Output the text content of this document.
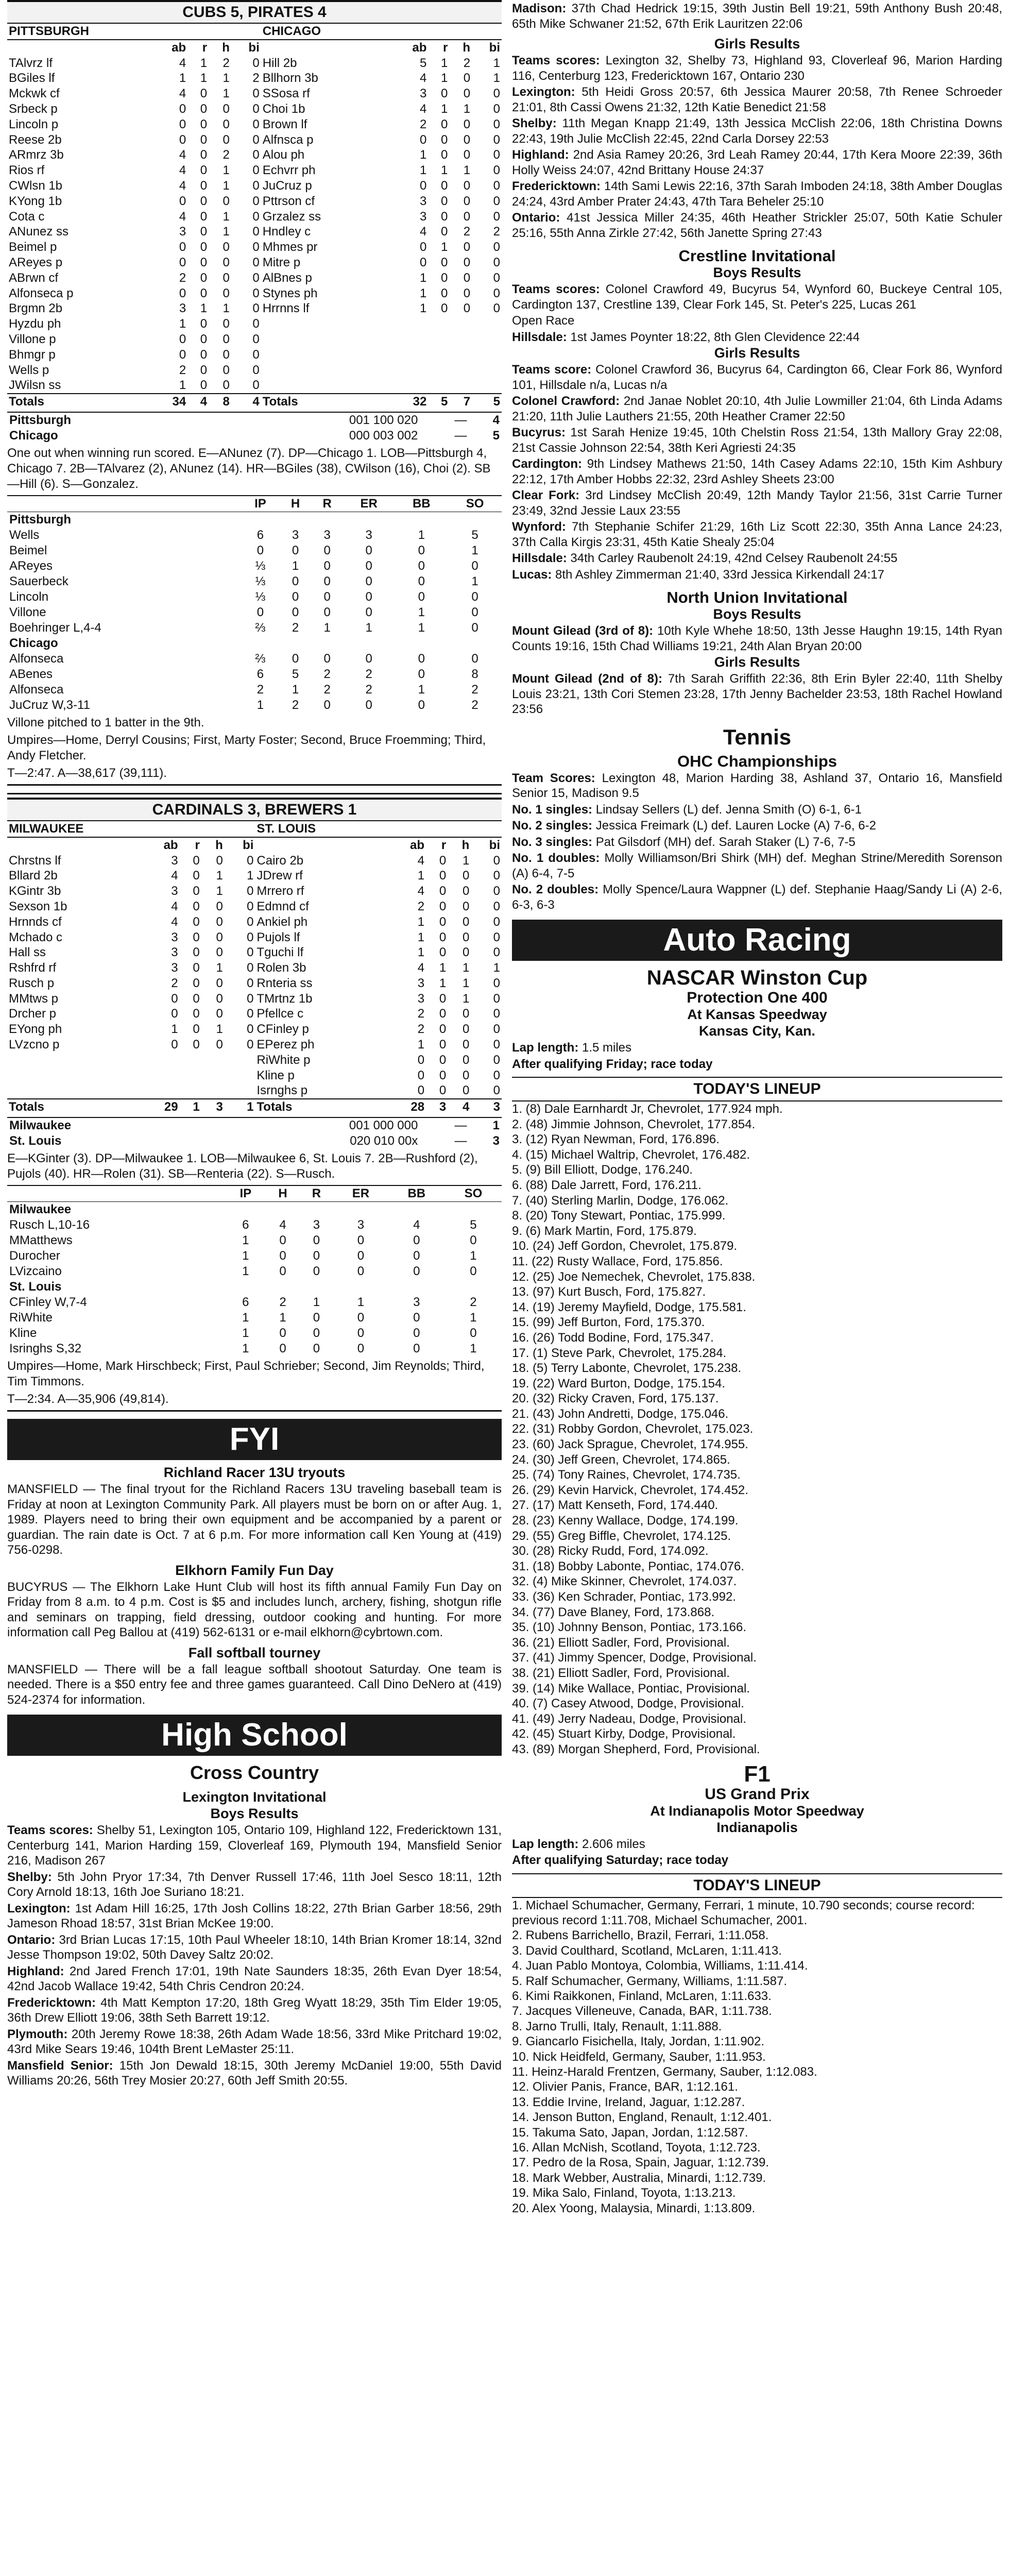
CUBS 5, PIRATES 4
PITTSBURGH					CHICAGO				
	ab	r	h	bi		ab	r	h	bi
TAlvrz lf	4	1	2	0	Hill 2b	5	1	2	1
BGiles lf	1	1	1	2	Bllhorn 3b	4	1	0	1
Mckwk cf	4	0	1	0	SSosa rf	3	0	0	0
Srbeck p	0	0	0	0	Choi 1b	4	1	1	0
Lincoln p	0	0	0	0	Brown lf	2	0	0	0
Reese 2b	0	0	0	0	Alfnsca p	0	0	0	0
ARmrz 3b	4	0	2	0	Alou ph	1	0	0	0
Rios rf	4	0	1	0	Echvrr ph	1	1	1	0
CWlsn 1b	4	0	1	0	JuCruz p	0	0	0	0
KYong 1b	0	0	0	0	Pttrson cf	3	0	0	0
Cota c	4	0	1	0	Grzalez ss	3	0	0	0
ANunez ss	3	0	1	0	Hndley c	4	0	2	2
Beimel p	0	0	0	0	Mhmes pr	0	1	0	0
AReyes p	0	0	0	0	Mitre p	0	0	0	0
ABrwn cf	2	0	0	0	AlBnes p	1	0	0	0
Alfonseca p	0	0	0	0	Stynes ph	1	0	0	0
Brgmn 2b	3	1	1	0	Hrrnns lf	1	0	0	0
Hyzdu ph	1	0	0	0					
Villone p	0	0	0	0					
Bhmgr p	0	0	0	0					
Wells p	2	0	0	0					
JWilsn ss	1	0	0	0					
Totals	34	4	8	4	Totals	32	5	7	5
Pittsburgh	001 100 020	—	4
Chicago	000 003 002	—	5
One out when winning run scored. E—ANunez (7). DP—Chicago 1. LOB—Pittsburgh 4, Chicago 7. 2B—TAlvarez (2), ANunez (14). HR—BGiles (38), CWilson (16), Choi (2). SB—Hill (6). S—Gonzalez.
	IP	H	R	ER	BB	SO
Pittsburgh						
Wells	6	3	3	3	1	5
Beimel	0	0	0	0	0	1
AReyes	⅓	1	0	0	0	0
Sauerbeck	⅓	0	0	0	0	1
Lincoln	⅓	0	0	0	0	0
Villone	0	0	0	0	1	0
Boehringer L,4-4	⅔	2	1	1	1	0
Chicago						
Alfonseca	⅔	0	0	0	0	0
ABenes	6	5	2	2	0	8
Alfonseca	2	1	2	2	1	2
JuCruz W,3-11	1	2	0	0	0	2
Villone pitched to 1 batter in the 9th.
Umpires—Home, Derryl Cousins; First, Marty Foster; Second, Bruce Froemming; Third, Andy Fletcher.
T—2:47. A—38,617 (39,111).
CARDINALS 3, BREWERS 1
MILWAUKEE					ST. LOUIS				
	ab	r	h	bi		ab	r	h	bi
Chrstns lf	3	0	0	0	Cairo 2b	4	0	1	0
Bllard 2b	4	0	1	1	JDrew rf	1	0	0	0
KGintr 3b	3	0	1	0	Mrrero rf	4	0	0	0
Sexson 1b	4	0	0	0	Edmnd cf	2	0	0	0
Hrnnds cf	4	0	0	0	Ankiel ph	1	0	0	0
Mchado c	3	0	0	0	Pujols lf	1	0	0	0
Hall ss	3	0	0	0	Tguchi lf	1	0	0	0
Rshfrd rf	3	0	1	0	Rolen 3b	4	1	1	1
Rusch p	2	0	0	0	Rnteria ss	3	1	1	0
MMtws p	0	0	0	0	TMrtnz 1b	3	0	1	0
Drcher p	0	0	0	0	Pfellce c	2	0	0	0
EYong ph	1	0	1	0	CFinley p	2	0	0	0
LVzcno p	0	0	0	0	EPerez ph	1	0	0	0
					RiWhite p	0	0	0	0
					Kline p	0	0	0	0
					Isrnghs p	0	0	0	0
Totals	29	1	3	1	Totals	28	3	4	3
Milwaukee	001 000 000	—	1
St. Louis	020 010 00x	—	3
E—KGinter (3). DP—Milwaukee 1. LOB—Milwaukee 6, St. Louis 7. 2B—Rushford (2), Pujols (40). HR—Rolen (31). SB—Renteria (22). S—Rusch.
	IP	H	R	ER	BB	SO
Milwaukee						
Rusch L,10-16	6	4	3	3	4	5
MMatthews	1	0	0	0	0	0
Durocher	1	0	0	0	0	1
LVizcaino	1	0	0	0	0	0
St. Louis						
CFinley W,7-4	6	2	1	1	3	2
RiWhite	1	1	0	0	0	1
Kline	1	0	0	0	0	0
Isringhs S,32	1	0	0	0	0	1
Umpires—Home, Mark Hirschbeck; First, Paul Schrieber; Second, Jim Reynolds; Third, Tim Timmons.
T—2:34. A—35,906 (49,814).
FYI
Richland Racer 13U tryouts
MANSFIELD — The final tryout for the Richland Racers 13U traveling baseball team is Friday at noon at Lexington Community Park. All players must be born on or after Aug. 1, 1989. Players need to bring their own equipment and be accompanied by a parent or guardian. The rain date is Oct. 7 at 6 p.m. For more information call Ken Young at (419) 756-0298.
Elkhorn Family Fun Day
BUCYRUS — The Elkhorn Lake Hunt Club will host its fifth annual Family Fun Day on Friday from 8 a.m. to 4 p.m. Cost is $5 and includes lunch, archery, fishing, shotgun rifle and seminars on trapping, field dressing, outdoor cooking and hunting. For more information call Peg Ballou at (419) 562-6131 or e-mail elkhorn@cybrtown.com.
Fall softball tourney
MANSFIELD — There will be a fall league softball shootout Saturday. One team is needed. There is a $50 entry fee and three games guaranteed. Call Dino DeNero at (419) 524-2374 for information.
High School
Cross Country
Lexington Invitational
Boys Results
Teams scores: Shelby 51, Lexington 105, Ontario 109, Highland 122, Fredericktown 131, Centerburg 141, Marion Harding 159, Cloverleaf 169, Plymouth 194, Mansfield Senior 216, Madison 267
Shelby: 5th John Pryor 17:34, 7th Denver Russell 17:46, 11th Joel Sesco 18:11, 12th Cory Arnold 18:13, 16th Joe Suriano 18:21.
Lexington: 1st Adam Hill 16:25, 17th Josh Collins 18:22, 27th Brian Garber 18:56, 29th Jameson Rhoad 18:57, 31st Brian McKee 19:00.
Ontario: 3rd Brian Lucas 17:15, 10th Paul Wheeler 18:10, 14th Brian Kromer 18:14, 32nd Jesse Thompson 19:02, 50th Davey Saltz 20:02.
Highland: 2nd Jared French 17:01, 19th Nate Saunders 18:35, 26th Evan Dyer 18:54, 42nd Jacob Wallace 19:42, 54th Chris Cendron 20:24.
Fredericktown: 4th Matt Kempton 17:20, 18th Greg Wyatt 18:29, 35th Tim Elder 19:05, 36th Drew Elliott 19:06, 38th Seth Barrett 19:12.
Plymouth: 20th Jeremy Rowe 18:38, 26th Adam Wade 18:56, 33rd Mike Pritchard 19:02, 43rd Mike Sears 19:46, 104th Brent LeMaster 25:11.
Mansfield Senior: 15th Jon Dewald 18:15, 30th Jeremy McDaniel 19:00, 55th David Williams 20:26, 56th Trey Mosier 20:27, 60th Jeff Smith 20:55.
Madison: 37th Chad Hedrick 19:15, 39th Justin Bell 19:21, 59th Anthony Bush 20:48, 65th Mike Schwaner 21:52, 67th Erik Lauritzen 22:06
Girls Results
Teams scores: Lexington 32, Shelby 73, Highland 93, Cloverleaf 96, Marion Harding 116, Centerburg 123, Fredericktown 167, Ontario 230
Lexington: 5th Heidi Gross 20:57, 6th Jessica Maurer 20:58, 7th Renee Schroeder 21:01, 8th Cassi Owens 21:32, 12th Katie Benedict 21:58
Shelby: 11th Megan Knapp 21:49, 13th Jessica McClish 22:06, 18th Christina Downs 22:43, 19th Julie McClish 22:45, 22nd Carla Dorsey 22:53
Highland: 2nd Asia Ramey 20:26, 3rd Leah Ramey 20:44, 17th Kera Moore 22:39, 36th Holly Weiss 24:07, 42nd Brittany House 24:37
Fredericktown: 14th Sami Lewis 22:16, 37th Sarah Imboden 24:18, 38th Amber Douglas 24:24, 43rd Amber Prater 24:43, 47th Tara Beheler 25:10
Ontario: 41st Jessica Miller 24:35, 46th Heather Strickler 25:07, 50th Katie Schuler 25:16, 55th Anna Zirkle 27:42, 56th Janette Spring 27:43
Crestline Invitational
Boys Results
Teams scores: Colonel Crawford 49, Bucyrus 54, Wynford 60, Buckeye Central 105, Cardington 137, Crestline 139, Clear Fork 145, St. Peter's 225, Lucas 261
Open Race
Hillsdale: 1st James Poynter 18:22, 8th Glen Clevidence 22:44
Girls Results
Teams score: Colonel Crawford 36, Bucyrus 64, Cardington 66, Clear Fork 86, Wynford 101, Hillsdale n/a, Lucas n/a
Colonel Crawford: 2nd Janae Noblet 20:10, 4th Julie Lowmiller 21:04, 6th Linda Adams 21:20, 11th Julie Lauthers 21:55, 20th Heather Cramer 22:50
Bucyrus: 1st Sarah Henize 19:45, 10th Chelstin Ross 21:54, 13th Mallory Gray 22:08, 21st Cassie Johnson 22:54, 38th Keri Agriesti 24:35
Cardington: 9th Lindsey Mathews 21:50, 14th Casey Adams 22:10, 15th Kim Ashbury 22:12, 17th Amber Hobbs 22:32, 23rd Ashley Sheets 23:00
Clear Fork: 3rd Lindsey McClish 20:49, 12th Mandy Taylor 21:56, 31st Carrie Turner 23:49, 32nd Jessie Laux 23:55
Wynford: 7th Stephanie Schifer 21:29, 16th Liz Scott 22:30, 35th Anna Lance 24:23, 37th Calla Kirgis 23:31, 45th Katie Shealy 25:04
Hillsdale: 34th Carley Raubenolt 24:19, 42nd Celsey Raubenolt 24:55
Lucas: 8th Ashley Zimmerman 21:40, 33rd Jessica Kirkendall 24:17
North Union Invitational
Boys Results
Mount Gilead (3rd of 8): 10th Kyle Whehe 18:50, 13th Jesse Haughn 19:15, 14th Ryan Counts 19:16, 15th Chad Williams 19:21, 24th Alan Bryan 20:00
Girls Results
Mount Gilead (2nd of 8): 7th Sarah Griffith 22:36, 8th Erin Byler 22:40, 11th Shelby Louis 23:21, 13th Cori Stemen 23:28, 17th Jenny Bachelder 23:53, 18th Rachel Howland 23:56
Tennis
OHC Championships
Team Scores: Lexington 48, Marion Harding 38, Ashland 37, Ontario 16, Mansfield Senior 15, Madison 9.5
No. 1 singles: Lindsay Sellers (L) def. Jenna Smith (O) 6-1, 6-1
No. 2 singles: Jessica Freimark (L) def. Lauren Locke (A) 7-6, 6-2
No. 3 singles: Pat Gilsdorf (MH) def. Sarah Staker (L) 7-6, 7-5
No. 1 doubles: Molly Williamson/Bri Shirk (MH) def. Meghan Strine/Meredith Sorenson (A) 6-4, 7-5
No. 2 doubles: Molly Spence/Laura Wappner (L) def. Stephanie Haag/Sandy Li (A) 2-6, 6-3, 6-3
Auto Racing
NASCAR Winston Cup
Protection One 400
At Kansas Speedway
Kansas City, Kan.
Lap length: 1.5 miles
After qualifying Friday; race today
TODAY'S LINEUP
1. (8) Dale Earnhardt Jr, Chevrolet, 177.924 mph.
2. (48) Jimmie Johnson, Chevrolet, 177.854.
3. (12) Ryan Newman, Ford, 176.896.
4. (15) Michael Waltrip, Chevrolet, 176.482.
5. (9) Bill Elliott, Dodge, 176.240.
6. (88) Dale Jarrett, Ford, 176.211.
7. (40) Sterling Marlin, Dodge, 176.062.
8. (20) Tony Stewart, Pontiac, 175.999.
9. (6) Mark Martin, Ford, 175.879.
10. (24) Jeff Gordon, Chevrolet, 175.879.
11. (22) Rusty Wallace, Ford, 175.856.
12. (25) Joe Nemechek, Chevrolet, 175.838.
13. (97) Kurt Busch, Ford, 175.827.
14. (19) Jeremy Mayfield, Dodge, 175.581.
15. (99) Jeff Burton, Ford, 175.370.
16. (26) Todd Bodine, Ford, 175.347.
17. (1) Steve Park, Chevrolet, 175.284.
18. (5) Terry Labonte, Chevrolet, 175.238.
19. (22) Ward Burton, Dodge, 175.154.
20. (32) Ricky Craven, Ford, 175.137.
21. (43) John Andretti, Dodge, 175.046.
22. (31) Robby Gordon, Chevrolet, 175.023.
23. (60) Jack Sprague, Chevrolet, 174.955.
24. (30) Jeff Green, Chevrolet, 174.865.
25. (74) Tony Raines, Chevrolet, 174.735.
26. (29) Kevin Harvick, Chevrolet, 174.452.
27. (17) Matt Kenseth, Ford, 174.440.
28. (23) Kenny Wallace, Dodge, 174.199.
29. (55) Greg Biffle, Chevrolet, 174.125.
30. (28) Ricky Rudd, Ford, 174.092.
31. (18) Bobby Labonte, Pontiac, 174.076.
32. (4) Mike Skinner, Chevrolet, 174.037.
33. (36) Ken Schrader, Pontiac, 173.992.
34. (77) Dave Blaney, Ford, 173.868.
35. (10) Johnny Benson, Pontiac, 173.166.
36. (21) Elliott Sadler, Ford, Provisional.
37. (41) Jimmy Spencer, Dodge, Provisional.
38. (21) Elliott Sadler, Ford, Provisional.
39. (14) Mike Wallace, Pontiac, Provisional.
40. (7) Casey Atwood, Dodge, Provisional.
41. (49) Jerry Nadeau, Dodge, Provisional.
42. (45) Stuart Kirby, Dodge, Provisional.
43. (89) Morgan Shepherd, Ford, Provisional.
F1
US Grand Prix
At Indianapolis Motor Speedway
Indianapolis
Lap length: 2.606 miles
After qualifying Saturday; race today
TODAY'S LINEUP
1. Michael Schumacher, Germany, Ferrari, 1 minute, 10.790 seconds; course record: previous record 1:11.708, Michael Schumacher, 2001.
2. Rubens Barrichello, Brazil, Ferrari, 1:11.058.
3. David Coulthard, Scotland, McLaren, 1:11.413.
4. Juan Pablo Montoya, Colombia, Williams, 1:11.414.
5. Ralf Schumacher, Germany, Williams, 1:11.587.
6. Kimi Raikkonen, Finland, McLaren, 1:11.633.
7. Jacques Villeneuve, Canada, BAR, 1:11.738.
8. Jarno Trulli, Italy, Renault, 1:11.888.
9. Giancarlo Fisichella, Italy, Jordan, 1:11.902.
10. Nick Heidfeld, Germany, Sauber, 1:11.953.
11. Heinz-Harald Frentzen, Germany, Sauber, 1:12.083.
12. Olivier Panis, France, BAR, 1:12.161.
13. Eddie Irvine, Ireland, Jaguar, 1:12.287.
14. Jenson Button, England, Renault, 1:12.401.
15. Takuma Sato, Japan, Jordan, 1:12.587.
16. Allan McNish, Scotland, Toyota, 1:12.723.
17. Pedro de la Rosa, Spain, Jaguar, 1:12.739.
18. Mark Webber, Australia, Minardi, 1:12.739.
19. Mika Salo, Finland, Toyota, 1:13.213.
20. Alex Yoong, Malaysia, Minardi, 1:13.809.
